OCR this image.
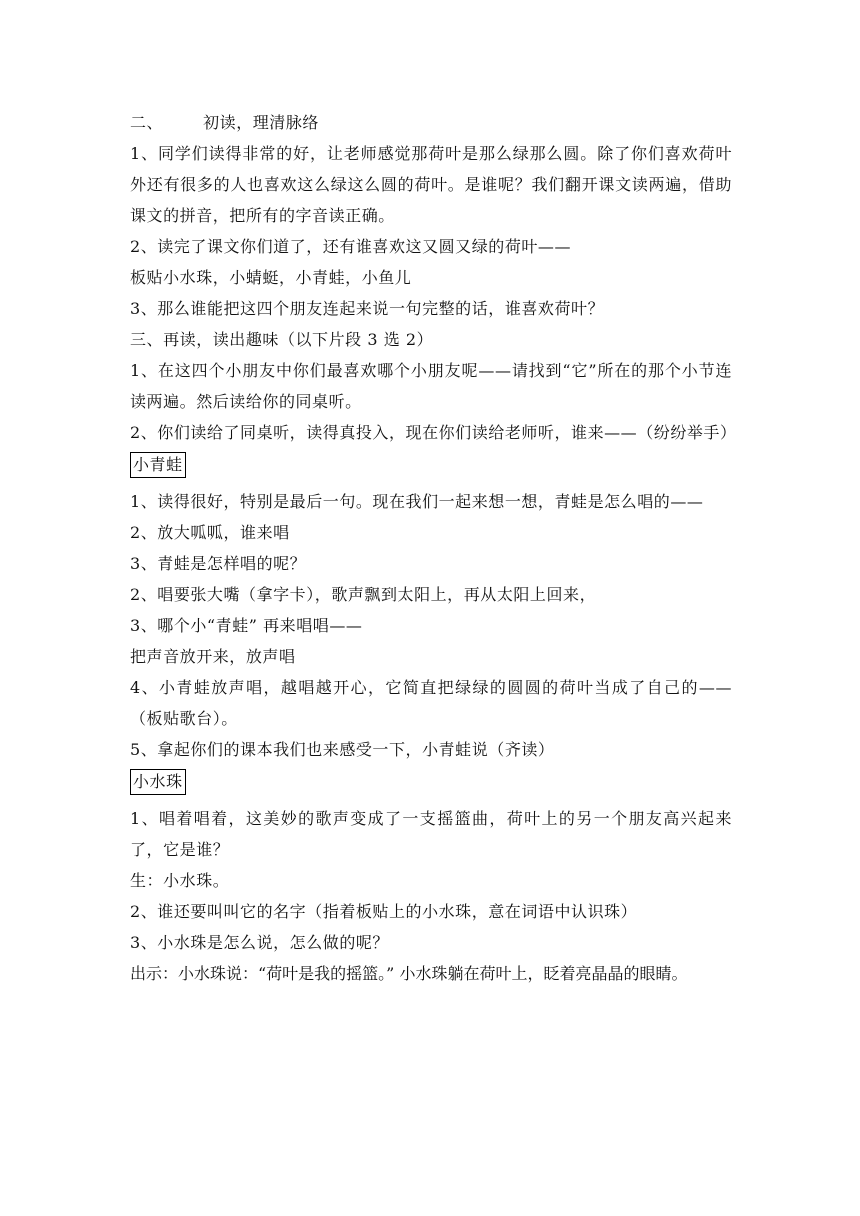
二、	初读，理清脉络
1、同学们读得非常的好，让老师感觉那荷叶是那么绿那么圆。除了你们喜欢荷叶外还有很多的人也喜欢这么绿这么圆的荷叶。是谁呢？我们翻开课文读两遍，借助课文的拼音，把所有的字音读正确。
2、读完了课文你们道了，还有谁喜欢这又圆又绿的荷叶——
板贴小水珠，小蜻蜓，小青蛙，小鱼儿
3、那么谁能把这四个朋友连起来说一句完整的话，谁喜欢荷叶？
三、再读，读出趣味（以下片段 3 选 2）
1、在这四个小朋友中你们最喜欢哪个小朋友呢——请找到“它”所在的那个小节连读两遍。然后读给你的同桌听。
2、你们读给了同桌听，读得真投入，现在你们读给老师听，谁来——（纷纷举手）
小青蛙
1、读得很好，特别是最后一句。现在我们一起来想一想，青蛙是怎么唱的——
2、放大呱呱，谁来唱
3、青蛙是怎样唱的呢？
2、唱要张大嘴（拿字卡），歌声飘到太阳上，再从太阳上回来，
3、哪个小“青蛙” 再来唱唱——
把声音放开来，放声唱
4、小青蛙放声唱，越唱越开心，它简直把绿绿的圆圆的荷叶当成了自己的——（板贴歌台）。
5、拿起你们的课本我们也来感受一下，小青蛙说（齐读）
小水珠
1、唱着唱着，这美妙的歌声变成了一支摇篮曲，荷叶上的另一个朋友高兴起来了，它是谁？
生：小水珠。
2、谁还要叫叫它的名字（指着板贴上的小水珠，意在词语中认识珠）
3、小水珠是怎么说，怎么做的呢？
出示：小水珠说：“荷叶是我的摇篮。” 小水珠躺在荷叶上，眨着亮晶晶的眼睛。
